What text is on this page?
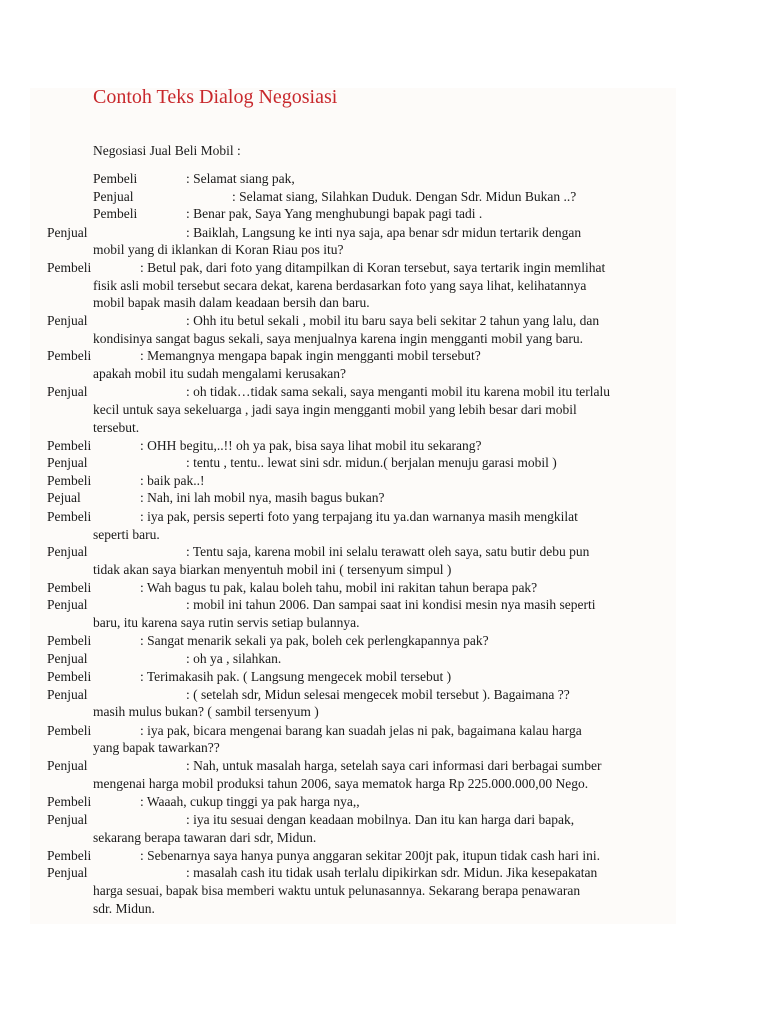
Contoh Teks Dialog Negosiasi
Negosiasi Jual Beli Mobil :
Pembeli	: Selamat siang pak,
Penjual	: Selamat siang, Silahkan Duduk. Dengan Sdr. Midun Bukan ..?
Pembeli	: Benar pak, Saya Yang menghubungi bapak pagi tadi .
Penjual	: Baiklah, Langsung ke inti nya saja, apa benar sdr midun tertarik dengan
mobil yang di iklankan di Koran Riau pos itu?
Pembeli	: Betul pak, dari foto yang ditampilkan di Koran tersebut, saya tertarik ingin memlihat
fisik asli mobil tersebut secara dekat, karena berdasarkan foto yang saya lihat, kelihatannya
mobil bapak masih dalam keadaan bersih dan baru.
Penjual	: Ohh itu betul sekali , mobil itu baru saya beli sekitar 2 tahun yang lalu, dan
kondisinya sangat bagus sekali, saya menjualnya karena ingin mengganti mobil yang baru.
Pembeli	: Memangnya mengapa bapak ingin mengganti mobil tersebut?
apakah mobil itu sudah mengalami kerusakan?
Penjual	: oh tidak…tidak sama sekali, saya menganti mobil itu karena mobil itu terlalu
kecil untuk saya sekeluarga , jadi saya ingin mengganti mobil yang lebih besar dari mobil
tersebut.
Pembeli	: OHH begitu,..!! oh ya pak, bisa saya lihat mobil itu sekarang?
Penjual	: tentu , tentu.. lewat sini sdr. midun.( berjalan menuju garasi mobil )
Pembeli	: baik pak..!
Pejual	: Nah, ini lah mobil nya, masih bagus bukan?
Pembeli	: iya pak, persis seperti foto yang terpajang itu ya.dan warnanya masih mengkilat
seperti baru.
Penjual	: Tentu saja, karena mobil ini selalu terawatt oleh saya, satu butir debu pun
tidak akan saya biarkan menyentuh mobil ini ( tersenyum simpul )
Pembeli	: Wah bagus tu pak, kalau boleh tahu, mobil ini rakitan tahun berapa pak?
Penjual	: mobil ini tahun 2006. Dan sampai saat ini kondisi mesin nya masih seperti
baru, itu karena saya rutin servis setiap bulannya.
Pembeli	: Sangat menarik sekali ya pak, boleh cek perlengkapannya pak?
Penjual	: oh ya , silahkan.
Pembeli	: Terimakasih pak. ( Langsung mengecek mobil tersebut )
Penjual	: ( setelah sdr, Midun selesai mengecek mobil tersebut ). Bagaimana ??
masih mulus bukan? ( sambil tersenyum )
Pembeli	: iya pak, bicara mengenai barang kan suadah jelas ni pak, bagaimana kalau harga
yang bapak tawarkan??
Penjual	: Nah, untuk masalah harga, setelah saya cari informasi dari berbagai sumber
mengenai harga mobil produksi tahun 2006, saya mematok harga Rp 225.000.000,00 Nego.
Pembeli	: Waaah, cukup tinggi ya pak harga nya,,
Penjual	: iya itu sesuai dengan keadaan mobilnya. Dan itu kan harga dari bapak,
sekarang berapa tawaran dari sdr, Midun.
Pembeli	: Sebenarnya saya hanya punya anggaran sekitar 200jt pak, itupun tidak cash hari ini.
Penjual	: masalah cash itu tidak usah terlalu dipikirkan sdr. Midun. Jika kesepakatan
harga sesuai, bapak bisa memberi waktu untuk pelunasannya. Sekarang berapa penawaran
sdr. Midun.
